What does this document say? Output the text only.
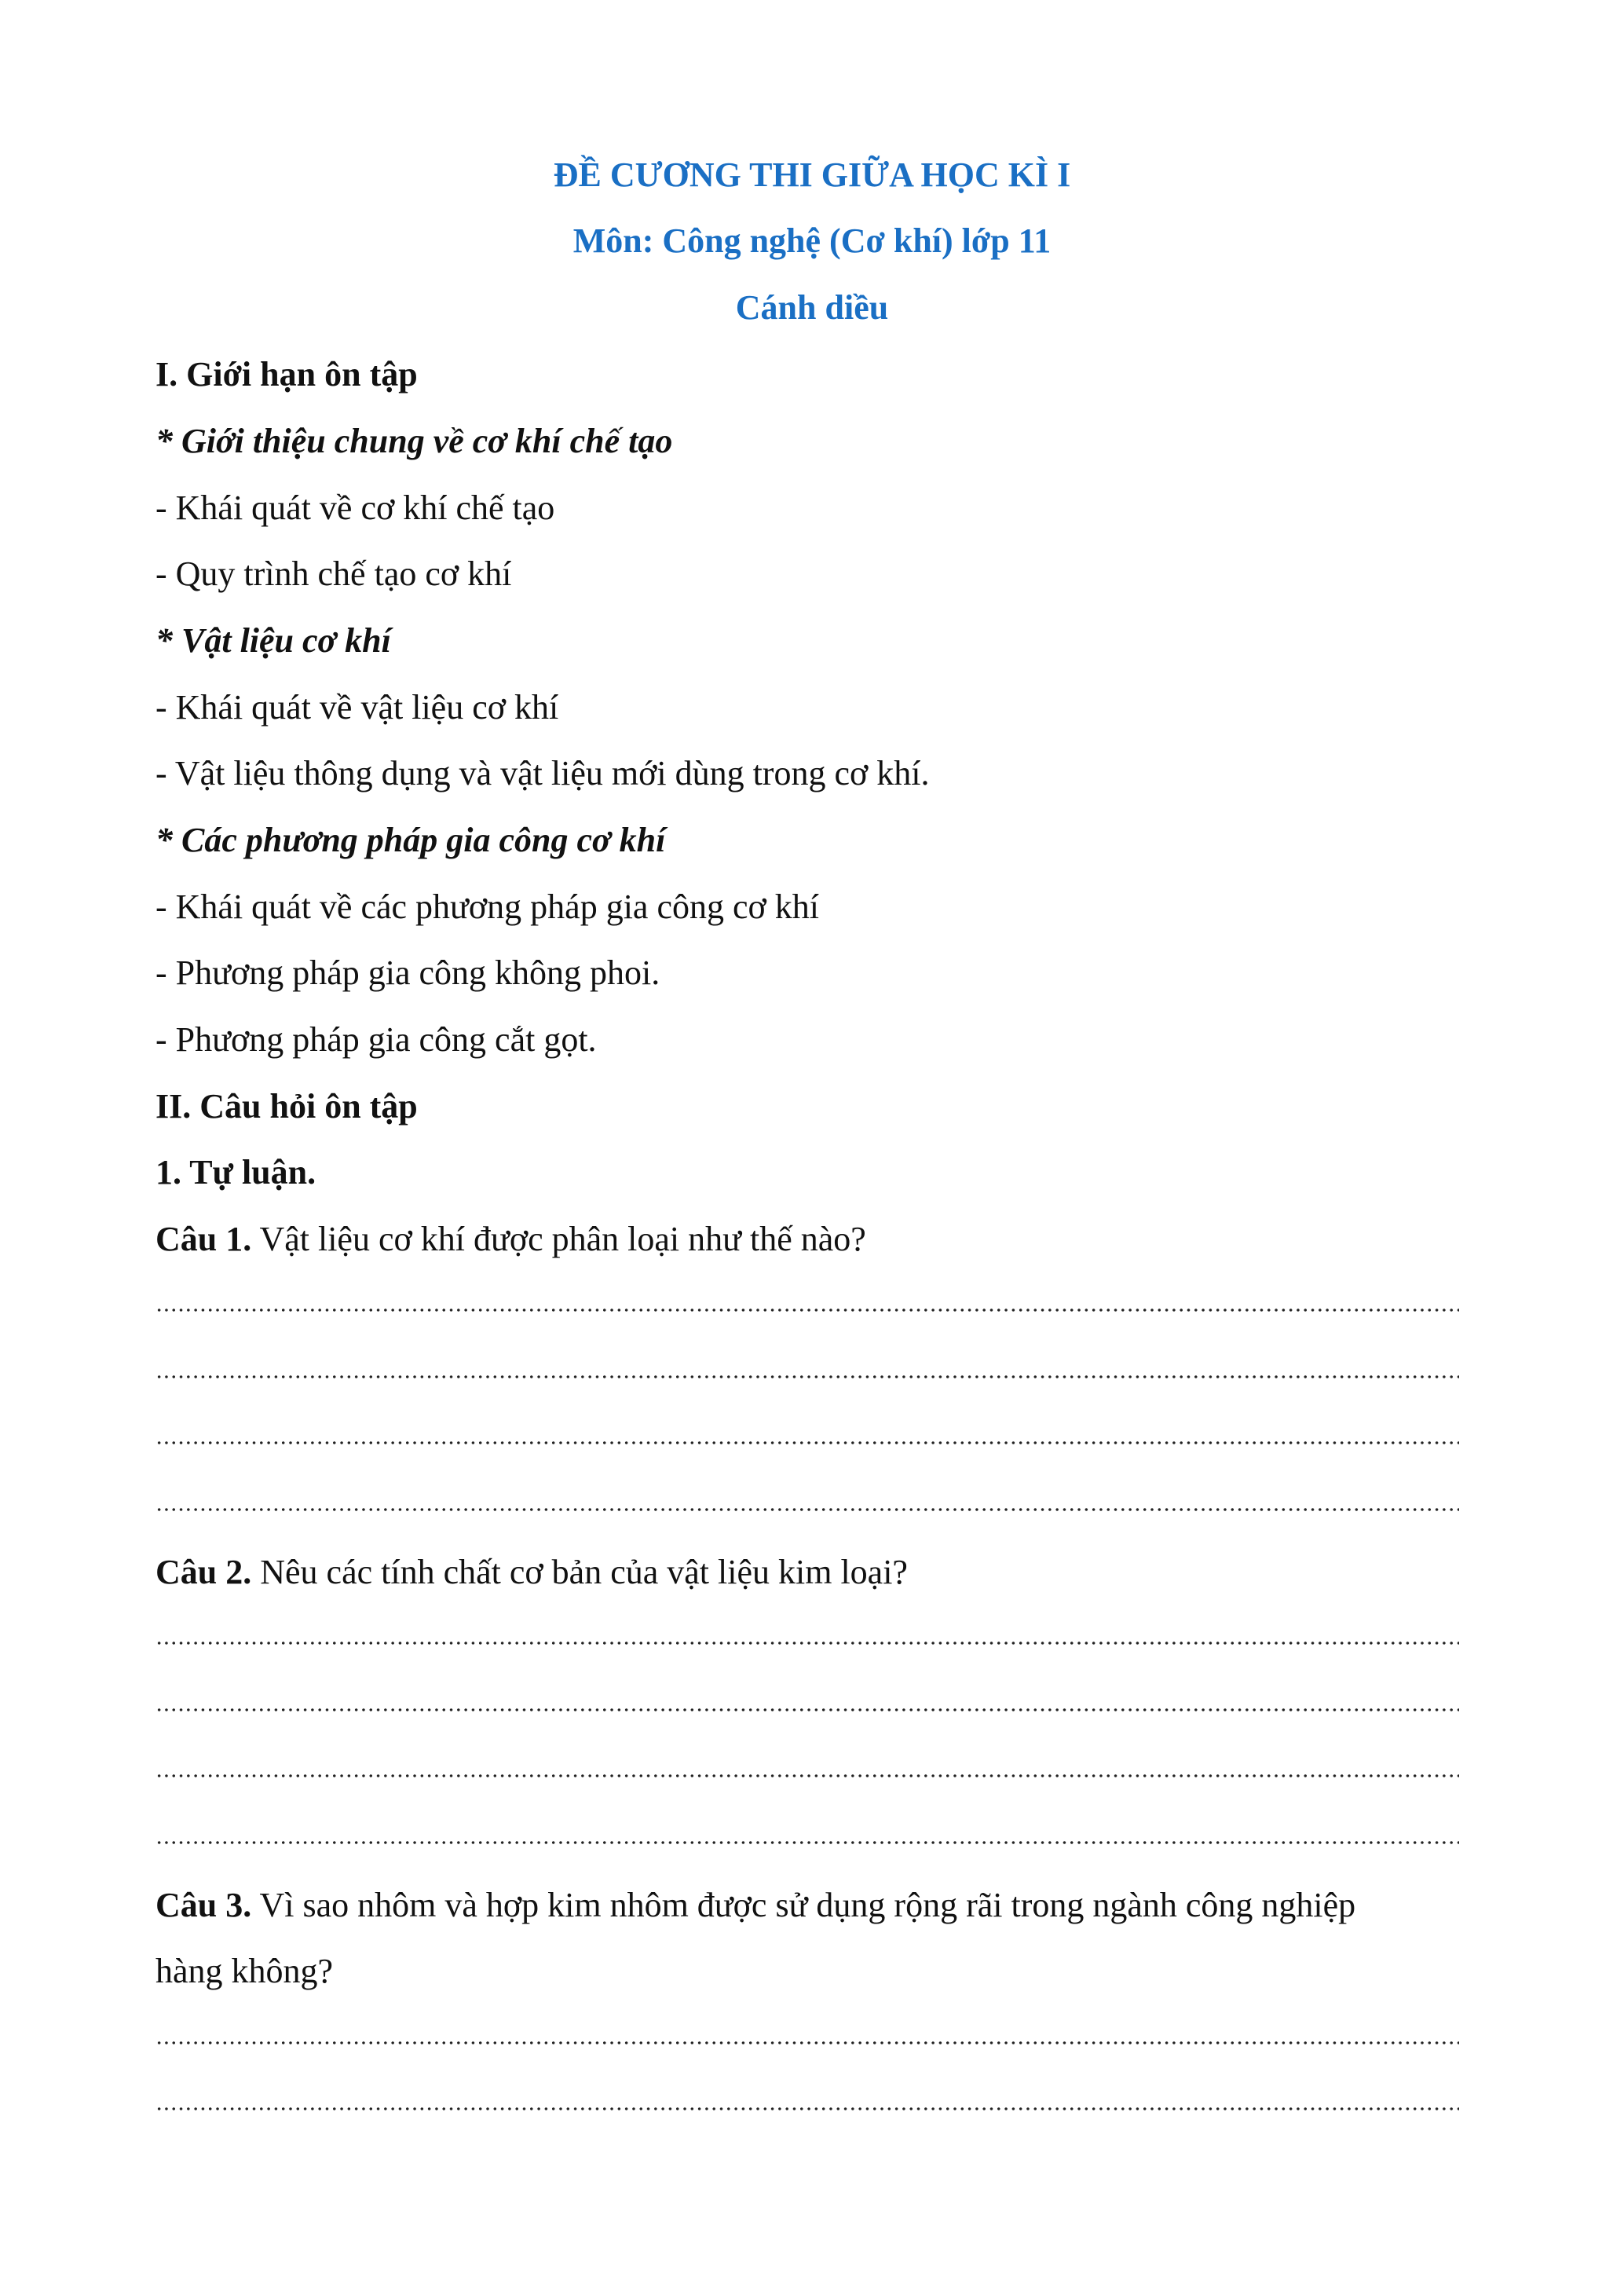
ĐỀ CƯƠNG THI GIỮA HỌC KÌ I
Môn: Công nghệ (Cơ khí) lớp 11
Cánh diều
I. Giới hạn ôn tập
* Giới thiệu chung về cơ khí chế tạo
- Khái quát về cơ khí chế tạo
- Quy trình chế tạo cơ khí
* Vật liệu cơ khí
- Khái quát về vật liệu cơ khí
- Vật liệu thông dụng và vật liệu mới dùng trong cơ khí.
* Các phương pháp gia công cơ khí
- Khái quát về các phương pháp gia công cơ khí
- Phương pháp gia công không phoi.
- Phương pháp gia công cắt gọt.
II. Câu hỏi ôn tập
1. Tự luận.
Câu 1. Vật liệu cơ khí được phân loại như thế nào?
Câu 2. Nêu các tính chất cơ bản của vật liệu kim loại?
Câu 3. Vì sao nhôm và hợp kim nhôm được sử dụng rộng rãi trong ngành công nghiệp
hàng không?
